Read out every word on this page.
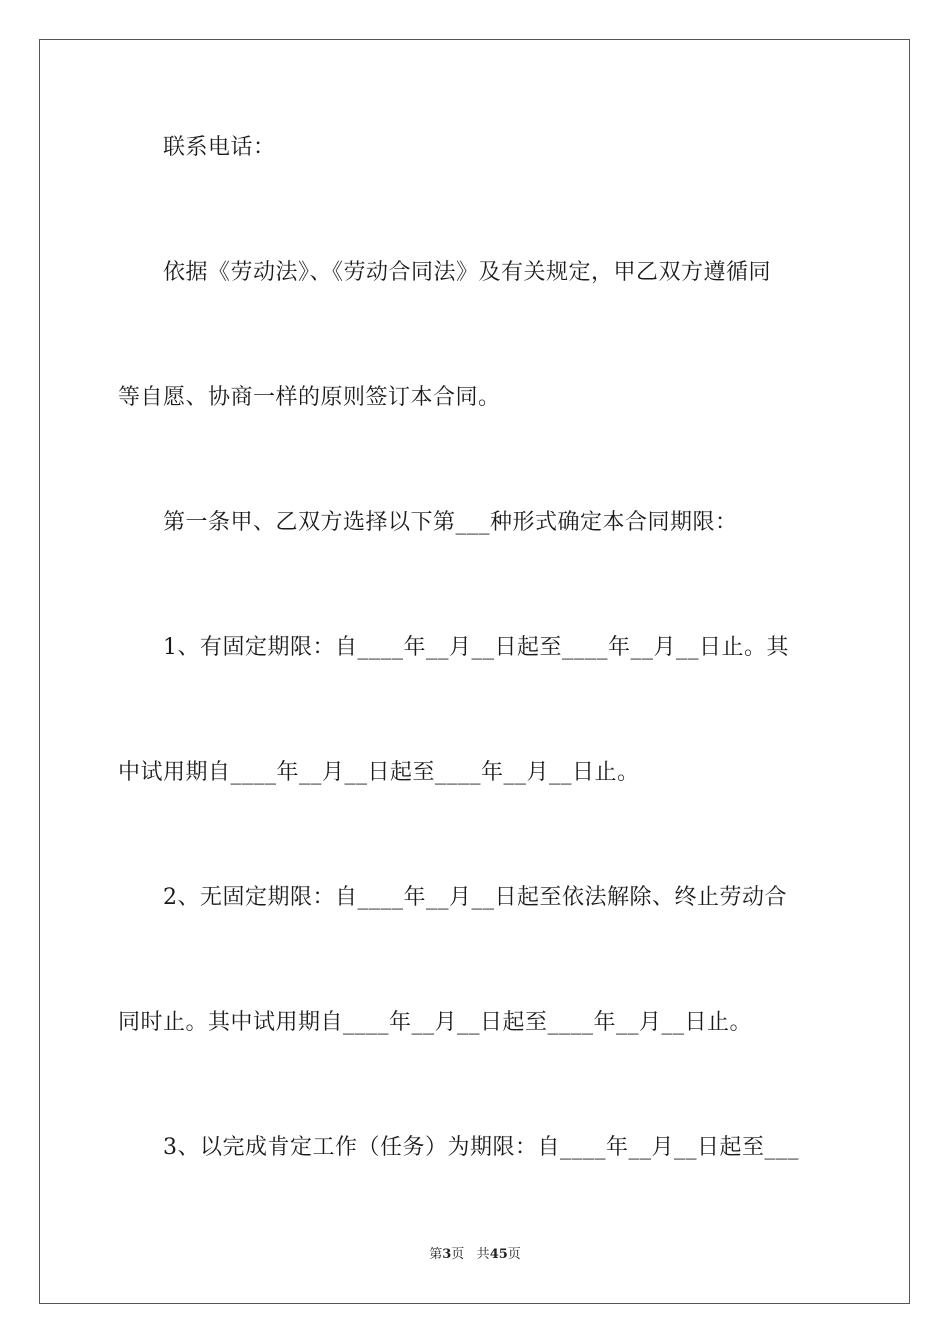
　　联系电话：
　　依据《劳动法》、《劳动合同法》及有关规定，甲乙双方遵循同
等自愿、协商一样的原则签订本合同。
　　第一条甲、乙双方选择以下第___种形式确定本合同期限：
　　1、有固定期限：自____年__月__日起至____年__月__日止。其
中试用期自____年__月__日起至____年__月__日止。
　　2、无固定期限：自____年__月__日起至依法解除、终止劳动合
同时止。其中试用期自____年__月__日起至____年__月__日止。
　　3、以完成肯定工作（任务）为期限：自____年__月__日起至___
第3页 共45页
